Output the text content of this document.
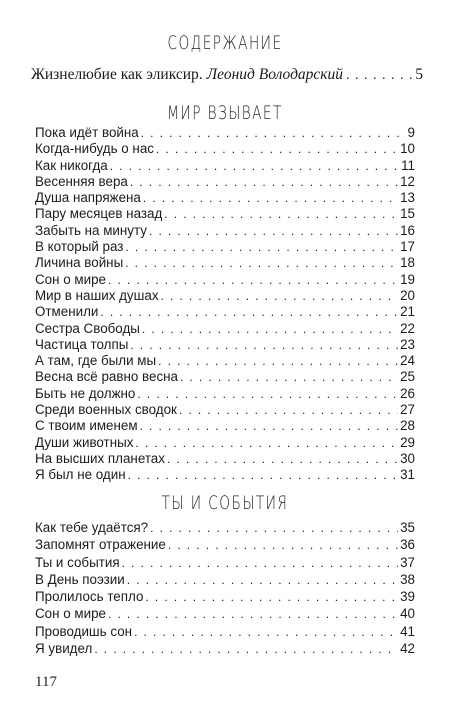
СОДЕРЖАНИЕ
Жизнелюбие как эликсир. Леонид Володарский . . .	5
МИР ВЗЫВАЕТ
Пока идёт война . . .	9
Когда-нибудь о нас . . .	10
Как никогда . . .	11
Весенняя вера . . .	12
Душа напряжена . . .	13
Пару месяцев назад . . .	15
Забыть на минуту . . .	16
В который раз . . .	17
Личина войны . . .	18
Сон о мире . . .	19
Мир в наших душах . . .	20
Отменили . . .	21
Сестра Свободы . . .	22
Частица толпы . . .	23
А там, где были мы . . .	24
Весна всё равно весна . . .	25
Быть не должно . . .	26
Среди военных сводок . . .	27
С твоим именем . . .	28
Души животных . . .	29
На высших планетах . . .	30
Я был не один . . .	31
ТЫ И СОБЫТИЯ
Как тебе удаётся? . . .	35
Запомнят отражение . . .	36
Ты и события . . .	37
В День поэзии . . .	38
Пролилось тепло . . .	39
Сон о мире . . .	40
Проводишь сон . . .	41
Я увидел . . .	42
117
